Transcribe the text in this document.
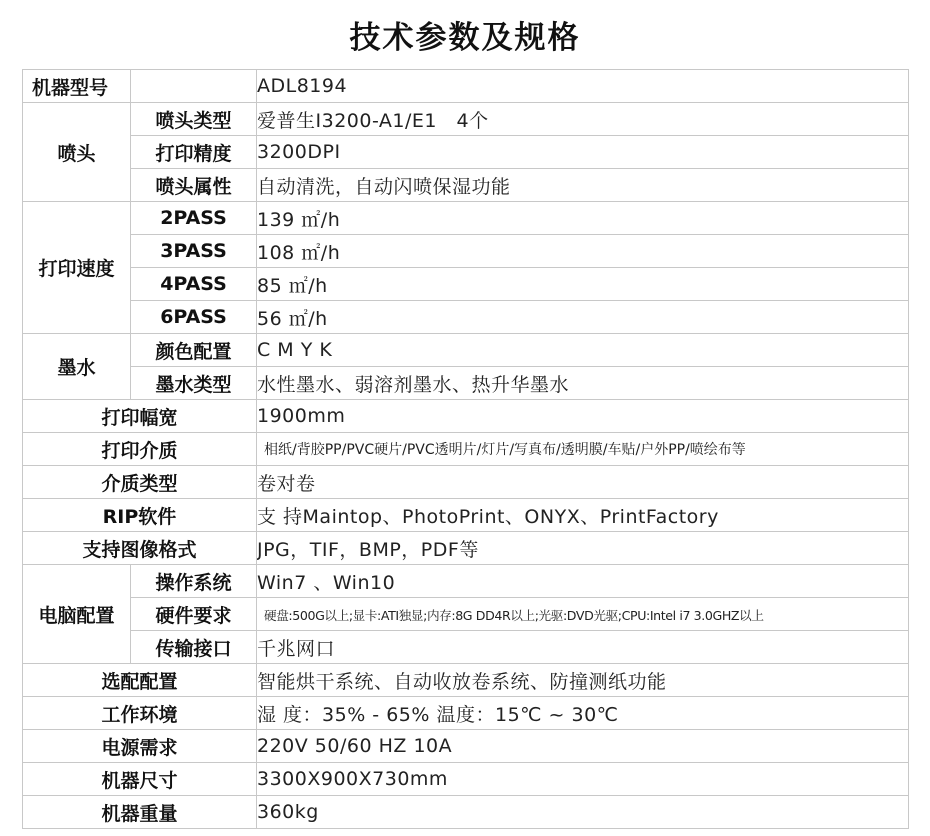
技术参数及规格
机器型号		ADL8194
喷头	喷头类型	爱普生I3200-A1/E1　4个
	打印精度	3200DPI
	喷头属性	自动清洗，自动闪喷保湿功能
打印速度	2PASS	139 ㎡/h
	3PASS	108 ㎡/h
	4PASS	85 ㎡/h
	6PASS	56 ㎡/h
墨水	颜色配置	C M Y K
	墨水类型	水性墨水、弱溶剂墨水、热升华墨水
打印幅宽		1900mm
打印介质		相纸/背胶PP/PVC硬片/PVC透明片/灯片/写真布/透明膜/车贴/户外PP/喷绘布等
介质类型		卷对卷
RIP软件		支 持Maintop、PhotoPrint、ONYX、PrintFactory
支持图像格式		JPG，TIF，BMP，PDF等
电脑配置	操作系统	Win7 、Win10
	硬件要求	硬盘:500G以上;显卡:ATI独显;内存:8G DD4R以上;光驱:DVD光驱;CPU:Intel i7 3.0GHZ以上
	传输接口	千兆网口
选配配置		智能烘干系统、自动收放卷系统、防撞测纸功能
工作环境		湿 度：35% - 65% 温度：15℃ ~ 30℃
电源需求		220V 50/60 HZ 10A
机器尺寸		3300X900X730mm
机器重量		360kg
